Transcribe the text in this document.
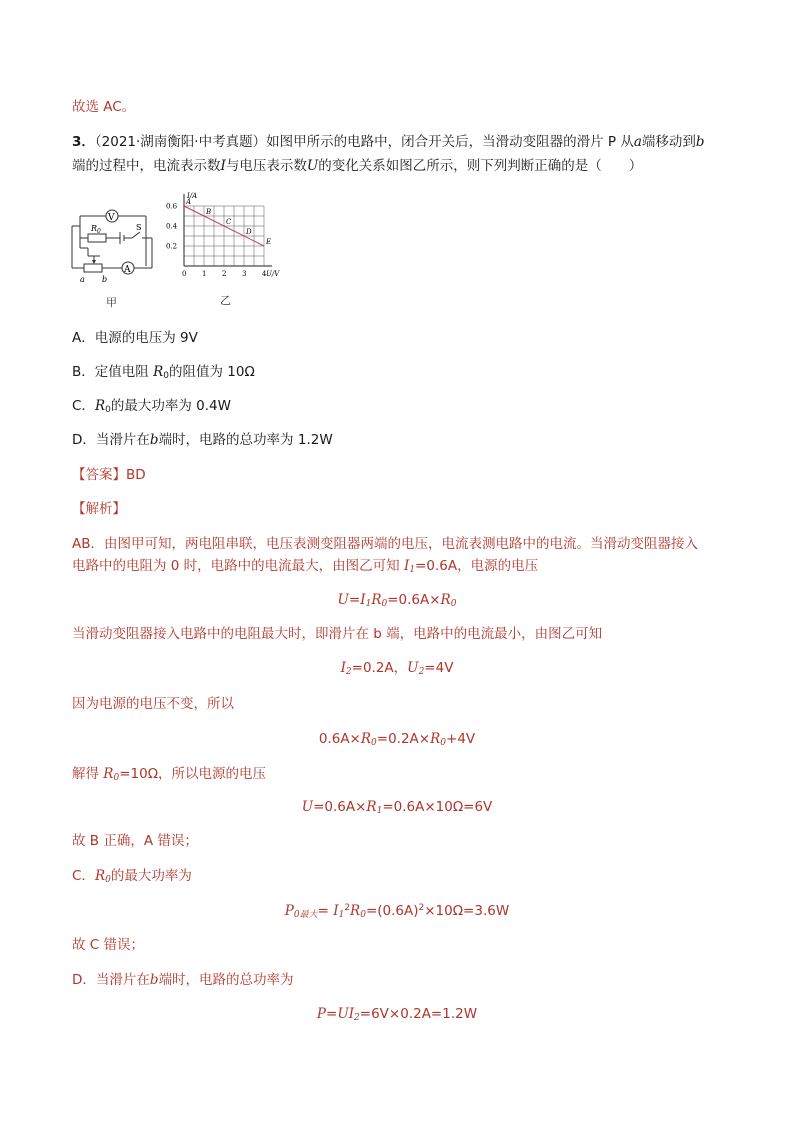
故选 AC。
3．（2021·湖南衡阳·中考真题）如图甲所示的电路中，闭合开关后，当滑动变阻器的滑片 P 从a端移动到b
端的过程中，电流表示数I与电压表示数U的变化关系如图乙所示，则下列判断正确的是（　　）
V
A
$R_0$	S
a b
甲
I/A
U/V
0 1 2 3 4
0.2
0.4
0.6
A
B
C
D
E
乙
A．电源的电压为 9V
B．定值电阻 $R_0$的阻值为 10Ω
C．$R_0$的最大功率为 0.4W
D．当滑片在b端时，电路的总功率为 1.2W
【答案】BD
【解析】
AB．由图甲可知，两电阻串联，电压表测变阻器两端的电压，电流表测电路中的电流。当滑动变阻器接入
电路中的电阻为 0 时，电路中的电流最大，由图乙可知 $I_1=0.6A$，电源的电压
$U=I_1R_0=0.6A\times R_0$
当滑动变阻器接入电路中的电阻最大时，即滑片在 b 端，电路中的电流最小，由图乙可知
$I_2=0.2A$，$U_2=4V$
因为电源的电压不变，所以
$0.6A\times R_0=0.2A\times R_0+4V$
解得 $R_0=10\Omega$，所以电源的电压
$U=0.6A\times R_1=0.6A\times 10\Omega=6V$
故 B 正确，A 错误；
C．$R_0$的最大功率为
$P_{0最大}= I_1^2R_0=(0.6A)^2\times 10\Omega=3.6W$
故 C 错误；
D．当滑片在b端时，电路的总功率为
$P=UI_2=6V\times 0.2A=1.2W$
